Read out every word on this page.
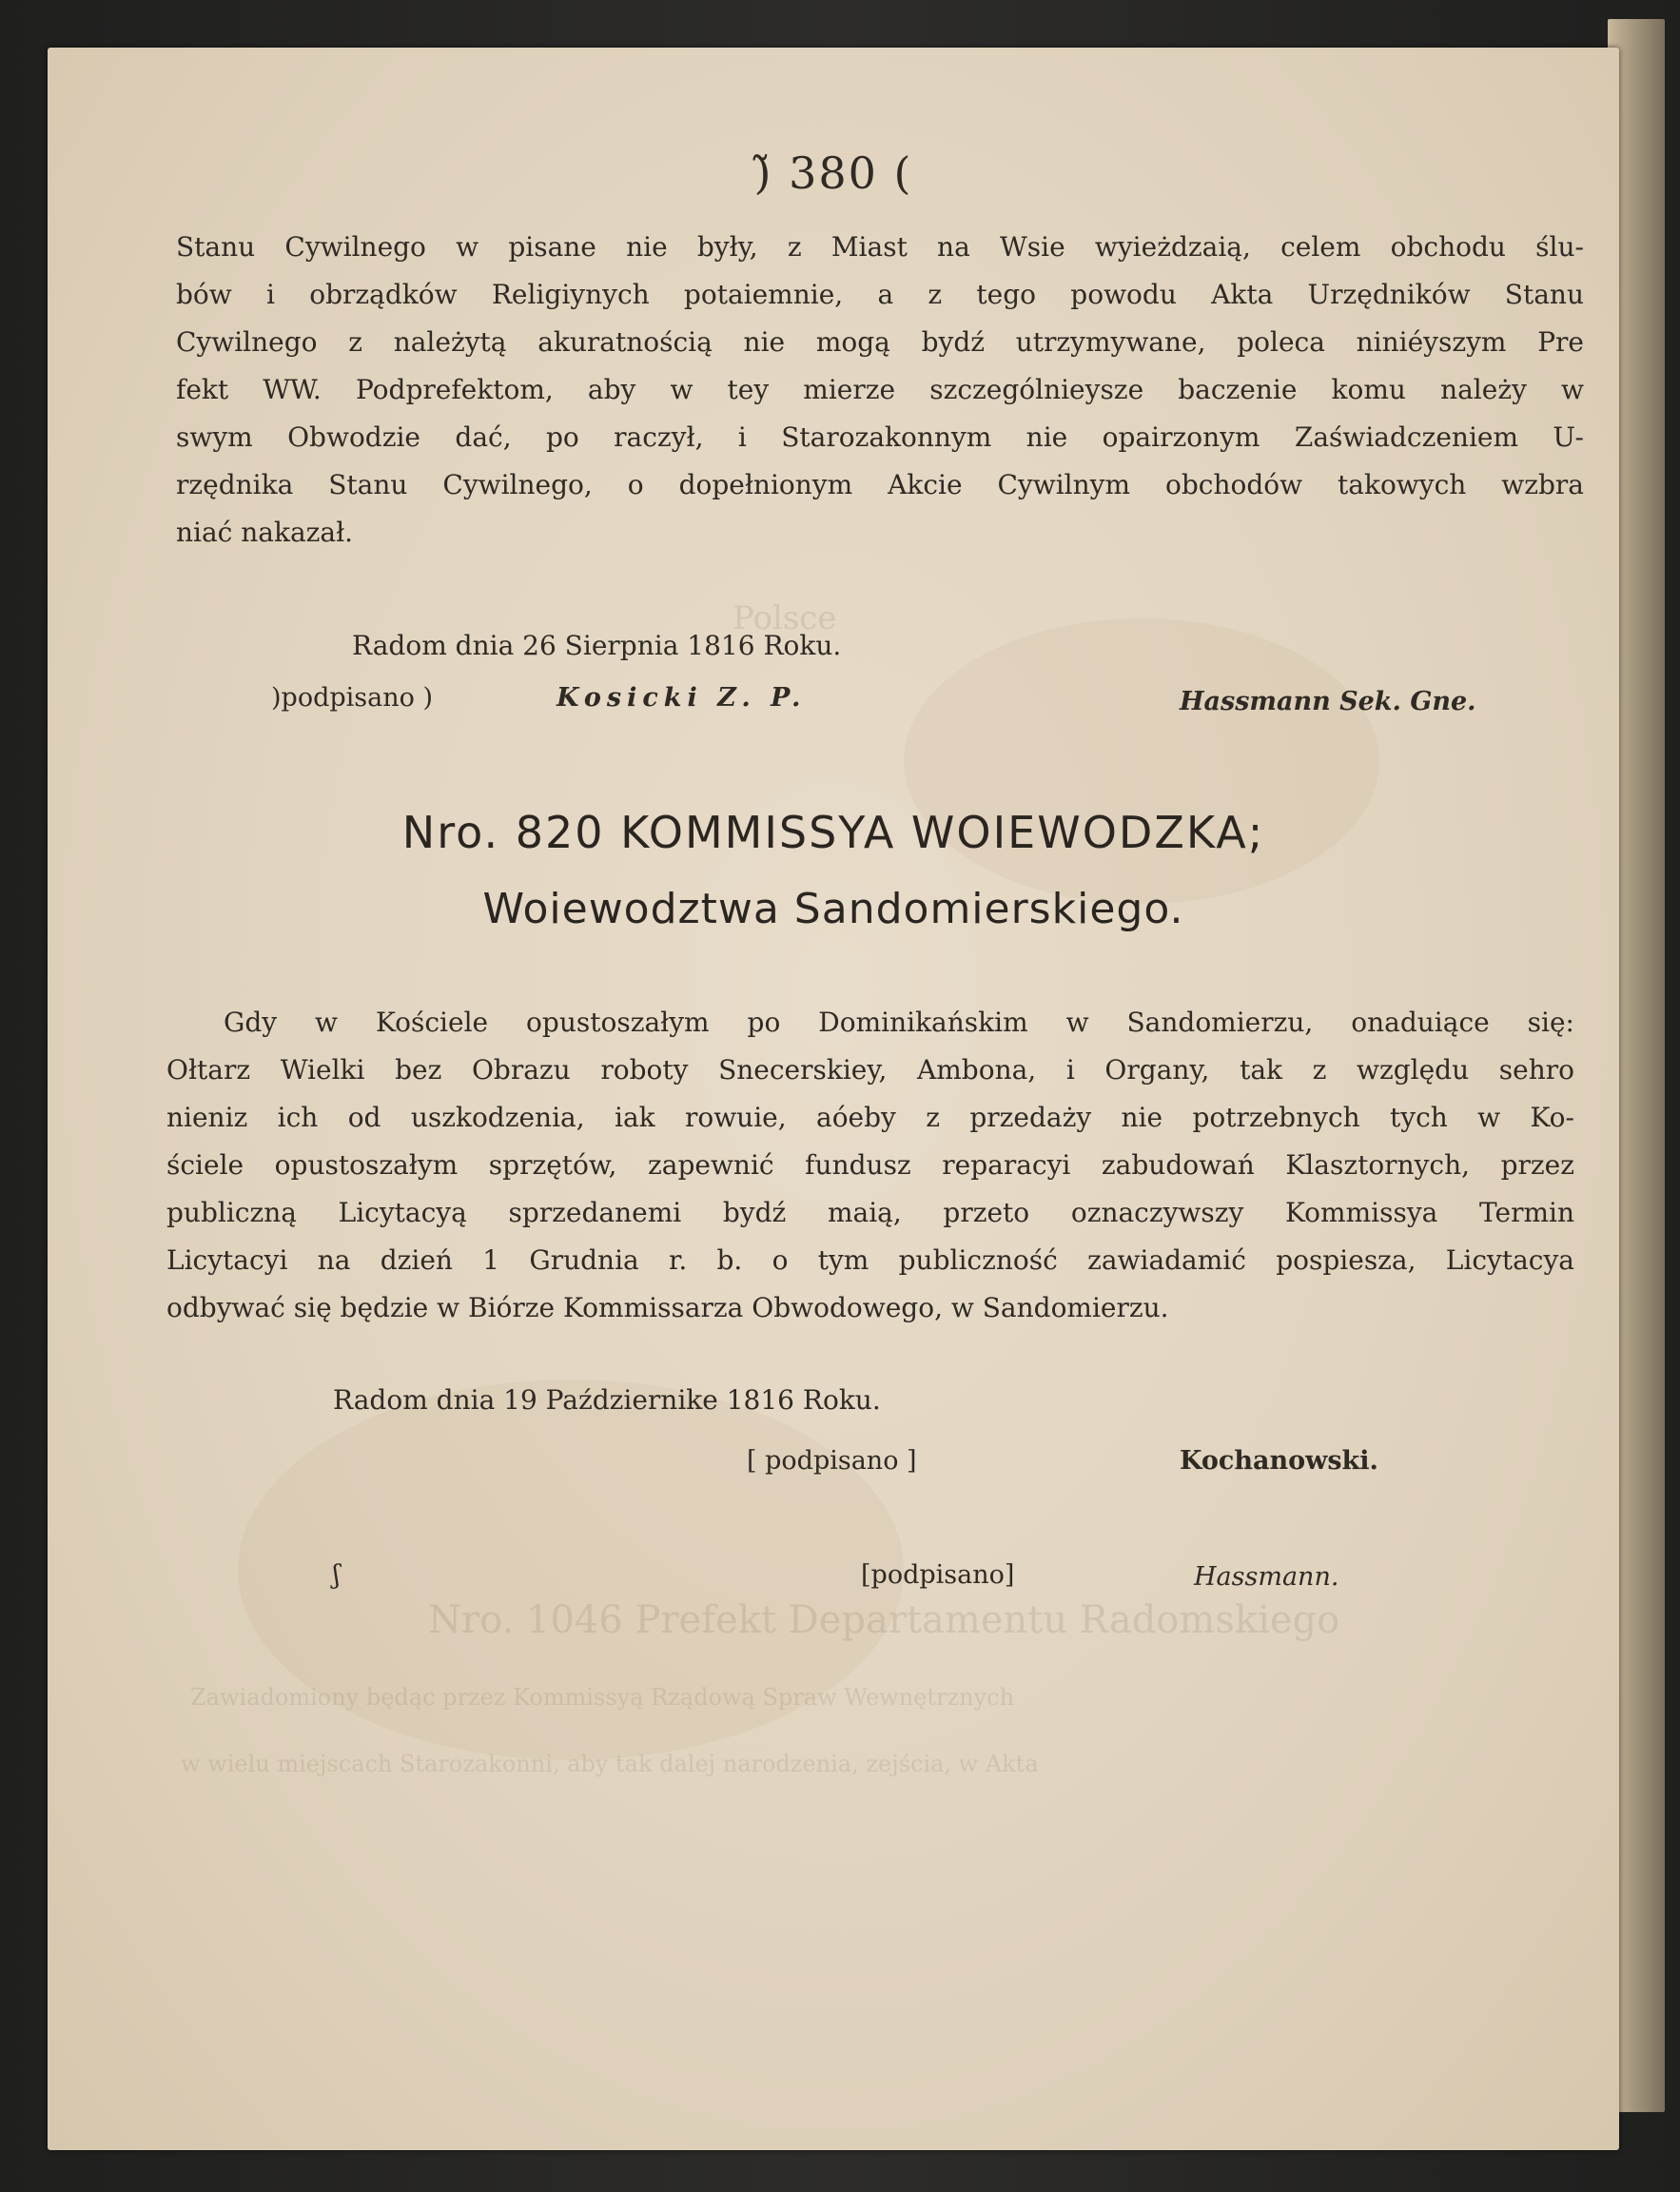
Polsce
Nro. 1046 Prefekt Departamentu Radomskiego
Zawiadomiony będąc przez Kommissyą Rządową Spraw Wewnętrznych
w wielu miejscach Starozakonni, aby tak dalej narodzenia, zejścia, w Akta
)̃ 380 (
Stanu Cywilnego w pisane nie były, z Miast na Wsie wyieżdzaią, celem obchodu ślu-
bów i obrządków Religiynych potaiemnie, a z tego powodu Akta Urzędników Stanu
Cywilnego z należytą akuratnością nie mogą bydź utrzymywane, poleca niniéyszym Pre
fekt WW. Podprefektom, aby w tey mierze szczególnieysze baczenie komu należy w
swym Obwodzie dać, po raczył, i Starozakonnym nie opairzonym Zaświadczeniem U-
rzędnika Stanu Cywilnego, o dopełnionym Akcie Cywilnym obchodów takowych wzbra
niać nakazał.
Radom dnia 26 Sierpnia 1816 Roku.
)podpisano )	Kosicki Z. P.	Hassmann Sek. Gne.
Nro. 820 KOMMISSYA WOIEWODZKA;
Woiewodztwa Sandomierskiego.
Gdy w Kościele opustoszałym po Dominikańskim w Sandomierzu, onaduiące się:
Ołtarz Wielki bez Obrazu roboty Snecerskiey, Ambona, i Organy, tak z względu sehro
nieniz ich od uszkodzenia, iak rowuie, aóeby z przedaży nie potrzebnych tych w Ko-
ściele opustoszałym sprzętów, zapewnić fundusz reparacyi zabudowań Klasztornych, przez
publiczną Licytacyą sprzedanemi bydź maią, przeto oznaczywszy Kommissya Termin
Licytacyi na dzień 1 Grudnia r. b. o tym publiczność zawiadamić pospiesza, Licytacya
odbywać się będzie w Biórze Kommissarza Obwodowego, w Sandomierzu.
Radom dnia 19 Październike 1816 Roku.
[ podpisano ]	Kochanowski.
ʃ	[podpisano]	Hassmann.
